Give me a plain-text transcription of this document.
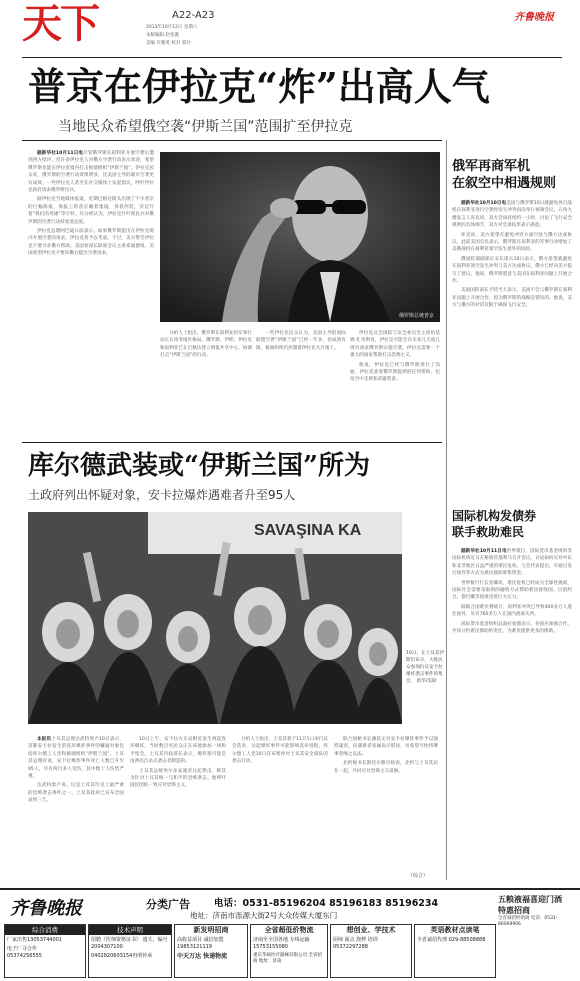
天下	A22-A23
2013年10月12日 星期六
本版编辑 赵希冀
美编 许雅英 校对 郭玲
齐鲁晚报
普京在伊拉克“炸”出高人气
当地民众希望俄空袭“伊斯兰国”范围扩至伊拉克
俄罗斯总统普京

据新华社10月11日电尽管俄罗斯在叙利亚开展空袭后遭到西方批评，但许多伊拉克人对俄方空袭行动表示欢迎，希望俄罗斯也能在伊拉克境内打击极端组织“伊斯兰国”。伊拉克民众说，俄罗斯的空袭行动效果明显，比美国主导的联军空袭更有成效。一些伊拉克人甚至在社交媒体上发起倡议，呼吁伊拉克政府请求俄罗斯出兵。

据伊拉克当地媒体报道，近期巴格达街头出现了不少普京的巨幅海报，海报上的普京戴着墨镜、身着西装，旁边写着“我们的英雄”等字样。有分析认为，伊拉克什叶派民兵对俄罗斯的空袭行动持欢迎态度。

伊拉克总理阿巴迪日前表示，如果俄罗斯提出在伊拉克境内开展空袭的请求，伊拉克将予以考虑。不过，美方警告伊拉克不要寻求俄方帮助。美国参谋长联席会议主席邓福德说，美国希望伊拉克不要向俄方提出空袭请求。

分析人士指出，俄罗斯在叙利亚的军事行动正在改变地区格局。俄罗斯、伊朗、伊拉克和叙利亚已在巴格达建立情报共享中心，协调打击“伊斯兰国”的行动。

一些伊拉克民众认为，美国主导的国际联盟空袭“伊斯兰国”已经一年多，但成效有限，极端组织仍控制着伊拉克大片领土。

伊拉克议会国防与安全委员会主席哈基姆·扎米利说，伊拉克可能会在未来几天或几周内请求俄罗斯实施空袭，伊拉克需要一个强大的国家帮助打击恐怖主义。

他说，伊拉克已经与俄罗斯进行了沟通，伊拉克欢迎俄罗斯提供的任何帮助，包括空中支援和武器装备。

俄军再商军机
在叙空中相遇规则

据新华社10月10日电美国与俄罗斯10日就避免各自战机在叙利亚进行空袭时发生冲突再次举行视频会议。五角大楼发言人库克说，双方会谈持续约一小时，讨论了飞行安全规则的具体细节，双方对会谈结果表示满意。

库克说，美方希望在避免冲突方面尽快与俄方达成协议。此前美国官员表示，俄罗斯在叙利亚的军事行动增加了美俄战机在叙利亚领空发生意外的风险。

俄国防部副部长安东诺夫10日表示，俄方希望就避免在叙利亚领空发生冲突与美方达成协议，俄方已经向美方提交了建议。他说，俄罗斯愿意与美国在叙利亚问题上开展合作。

美国国防部长卡特当天表示，美国不会与俄罗斯在叙利亚问题上开展合作，因为俄罗斯的战略是错误的。他说，美方与俄方的对话仅限于确保飞行安全。

库尔德武装或“伊斯兰国”所为
土政府列出怀疑对象，安卡拉爆炸遇难者升至95人
SAVAŞINA KA
10日，在土耳其伊斯坦布尔，大批民众参加抗议安卡拉爆炸袭击事件的集会。 新华/美联

本报讯土耳其总理达武特奥卢10日表示，首都安卡拉发生的连环爆炸事件的嫌疑对象包括库尔德工人党和极端组织“伊斯兰国”。土耳其总理府说，安卡拉爆炸事件死亡人数已升至95人，另有两百多人受伤，其中数十人伤势严重。

达武特奥卢说，这是土耳其历史上最严重的恐怖袭击事件之一。土耳其政府已宣布全国哀悼三天。

10日上午，安卡拉火车站附近发生两起连环爆炸，当时数百名民众正在该地参加一场和平集会。土耳其内政部长表示，爆炸很可能是由两名自杀式袭击者制造的。

土耳其总统埃尔多安谴责这起袭击，称其为针对土耳其统一与和平的恐怖袭击。他呼吁国民团结一致应对恐怖主义。

分析人士指出，土耳其将于11月1日举行议会选举，这起爆炸事件可能影响选举进程。库尔德工人党10日宣布暂停对土耳其安全部队的袭击行动。

联合国秘书长潘基文对安卡拉爆炸事件予以强烈谴责，向遇难者家属表示慰问，并希望尽快将肇事者绳之以法。

北约秘书长斯托尔滕贝格说，北约与土耳其站在一起，共同应对恐怖主义威胁。

（综合）
国际机构发债券
联手救助难民

据新华社10月11日电世界银行、国际货币基金组织等国际机构近日在秘鲁首都利马召开会议，讨论如何应对中东和北非地区日益严重的难民危机。与会代表提出，可通过发行债券等方式为难民救助筹集资金。

世界银行行长金墉说，难民危机已经成为全球性挑战，国际社会需要采取新的融资方式帮助难民接收国。目前约旦、黎巴嫩等国承受着巨大压力。

据联合国难民署统计，叙利亚冲突已导致400多万人逃往国外，另有760多万人在国内流离失所。

国际货币基金组织总裁拉加德表示，各国应加强合作，共同分担难民救助的责任，为难民提供更多的援助。

齐鲁晚报	分类广告	电话：0531-85196204 85196183 85196234
地址：济南市泺源大街2号大众传媒大厦东门
五粮液福喜迎门酒
特惠招商
全省诚招经销商 电话：0531-86069906
综合消费
厂家出售13053744001
电子厂寻合作
05374256555
技术声明
招聘《医师资格证书》 遗失，编号2004307100
0402820603154冉明传承
新发明招商
高收益项目 诚招加盟 19853121119
中天万达 快递物流
全省超低价物流
济南至全国各地 专线运输 15753155080
重庆华硕医疗器械有限公司 全省招商 地址：济南
想创业、学技术
厨师 面点 烧烤 培训 05372297288
英语教材点读笔
全省诚招代理 029-88508888
